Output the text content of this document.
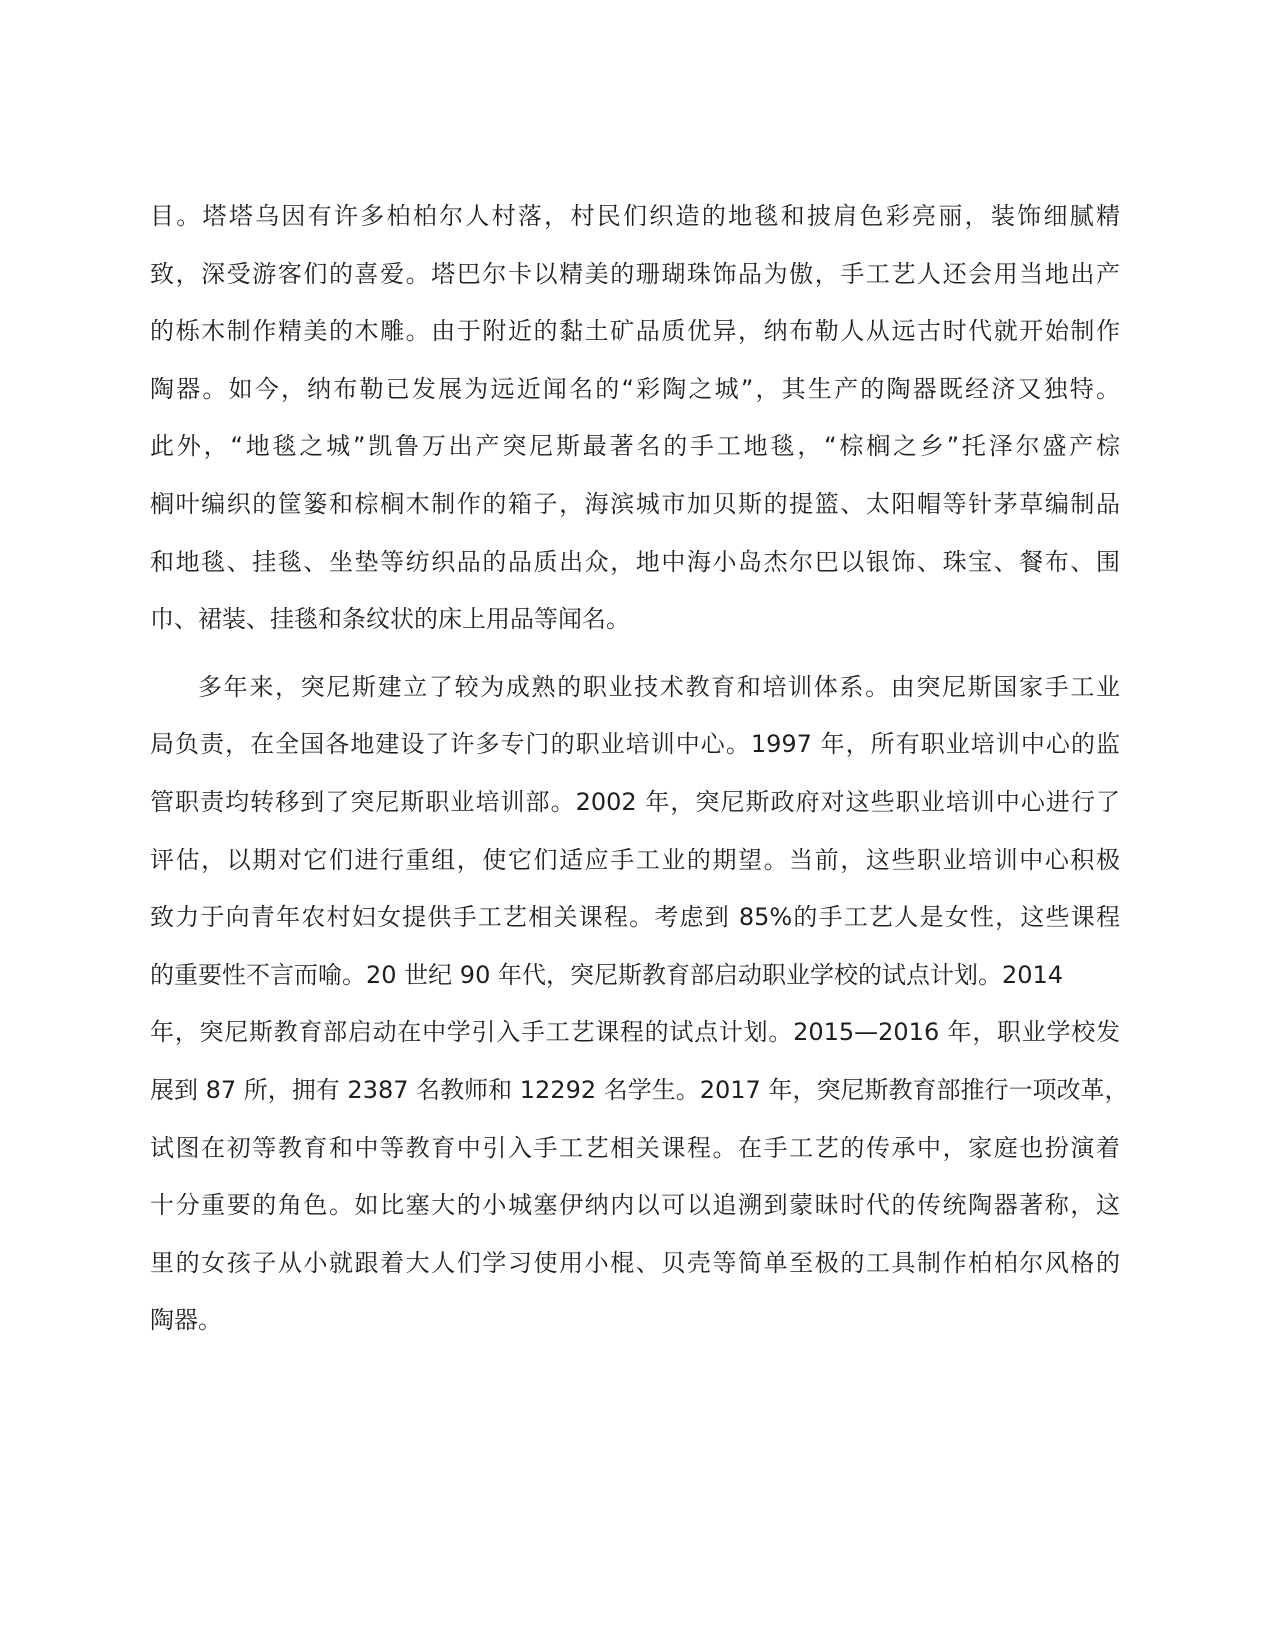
目。塔塔乌因有许多柏柏尔人村落，村民们织造的地毯和披肩色彩亮丽，装饰细腻精
致，深受游客们的喜爱。塔巴尔卡以精美的珊瑚珠饰品为傲，手工艺人还会用当地出产
的栎木制作精美的木雕。由于附近的黏土矿品质优异，纳布勒人从远古时代就开始制作
陶器。如今，纳布勒已发展为远近闻名的“彩陶之城”，其生产的陶器既经济又独特。
此外，“地毯之城”凯鲁万出产突尼斯最著名的手工地毯，“棕榈之乡”托泽尔盛产棕
榈叶编织的筐篓和棕榈木制作的箱子，海滨城市加贝斯的提篮、太阳帽等针茅草编制品
和地毯、挂毯、坐垫等纺织品的品质出众，地中海小岛杰尔巴以银饰、珠宝、餐布、围
巾、裙装、挂毯和条纹状的床上用品等闻名。
多年来，突尼斯建立了较为成熟的职业技术教育和培训体系。由突尼斯国家手工业
局负责，在全国各地建设了许多专门的职业培训中心。1997 年，所有职业培训中心的监
管职责均转移到了突尼斯职业培训部。2002 年，突尼斯政府对这些职业培训中心进行了
评估，以期对它们进行重组，使它们适应手工业的期望。当前，这些职业培训中心积极
致力于向青年农村妇女提供手工艺相关课程。考虑到 85%的手工艺人是女性，这些课程
的重要性不言而喻。20 世纪 90 年代，突尼斯教育部启动职业学校的试点计划。2014
年，突尼斯教育部启动在中学引入手工艺课程的试点计划。2015—2016 年，职业学校发
展到 87 所，拥有 2387 名教师和 12292 名学生。2017 年，突尼斯教育部推行一项改革，
试图在初等教育和中等教育中引入手工艺相关课程。在手工艺的传承中，家庭也扮演着
十分重要的角色。如比塞大的小城塞伊纳内以可以追溯到蒙昧时代的传统陶器著称，这
里的女孩子从小就跟着大人们学习使用小棍、贝壳等简单至极的工具制作柏柏尔风格的
陶器。
